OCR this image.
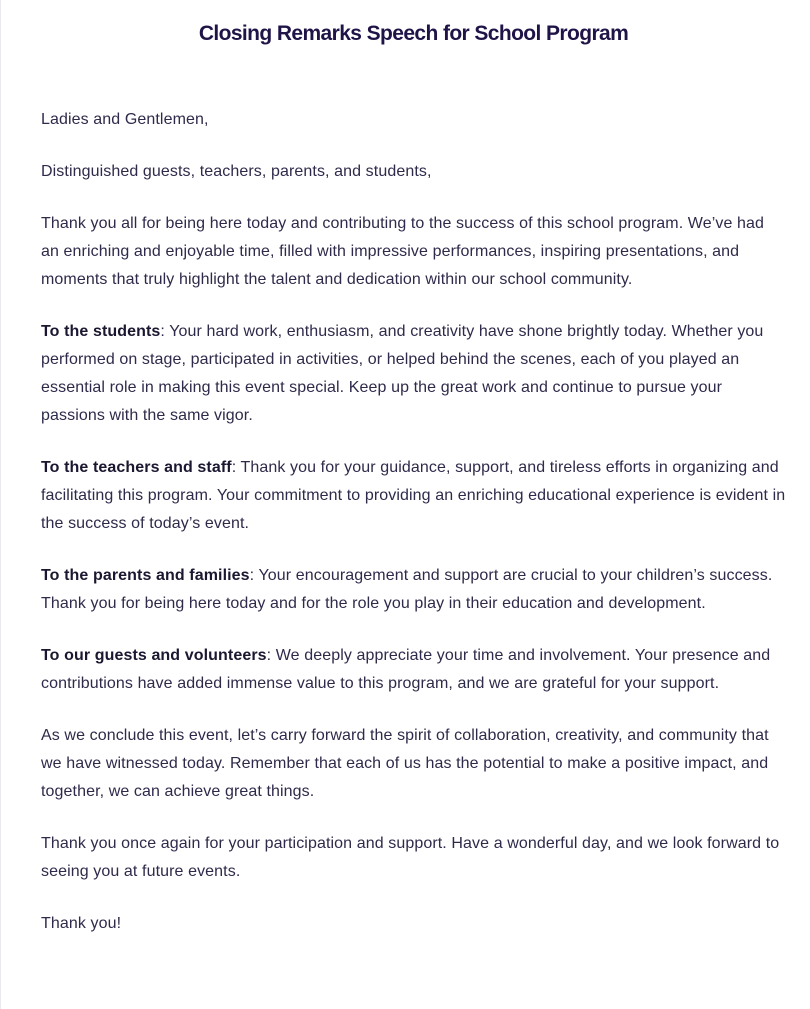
Closing Remarks Speech for School Program

Ladies and Gentlemen,

Distinguished guests, teachers, parents, and students,

Thank you all for being here today and contributing to the success of this school program. We’ve had an enriching and enjoyable time, filled with impressive performances, inspiring presentations, and moments that truly highlight the talent and dedication within our school community.

To the students: Your hard work, enthusiasm, and creativity have shone brightly today. Whether you performed on stage, participated in activities, or helped behind the scenes, each of you played an essential role in making this event special. Keep up the great work and continue to pursue your passions with the same vigor.

To the teachers and staff: Thank you for your guidance, support, and tireless efforts in organizing and facilitating this program. Your commitment to providing an enriching educational experience is evident in the success of today’s event.

To the parents and families: Your encouragement and support are crucial to your children’s success. Thank you for being here today and for the role you play in their education and development.

To our guests and volunteers: We deeply appreciate your time and involvement. Your presence and contributions have added immense value to this program, and we are grateful for your support.

As we conclude this event, let’s carry forward the spirit of collaboration, creativity, and community that we have witnessed today. Remember that each of us has the potential to make a positive impact, and together, we can achieve great things.

Thank you once again for your participation and support. Have a wonderful day, and we look forward to seeing you at future events.

Thank you!
